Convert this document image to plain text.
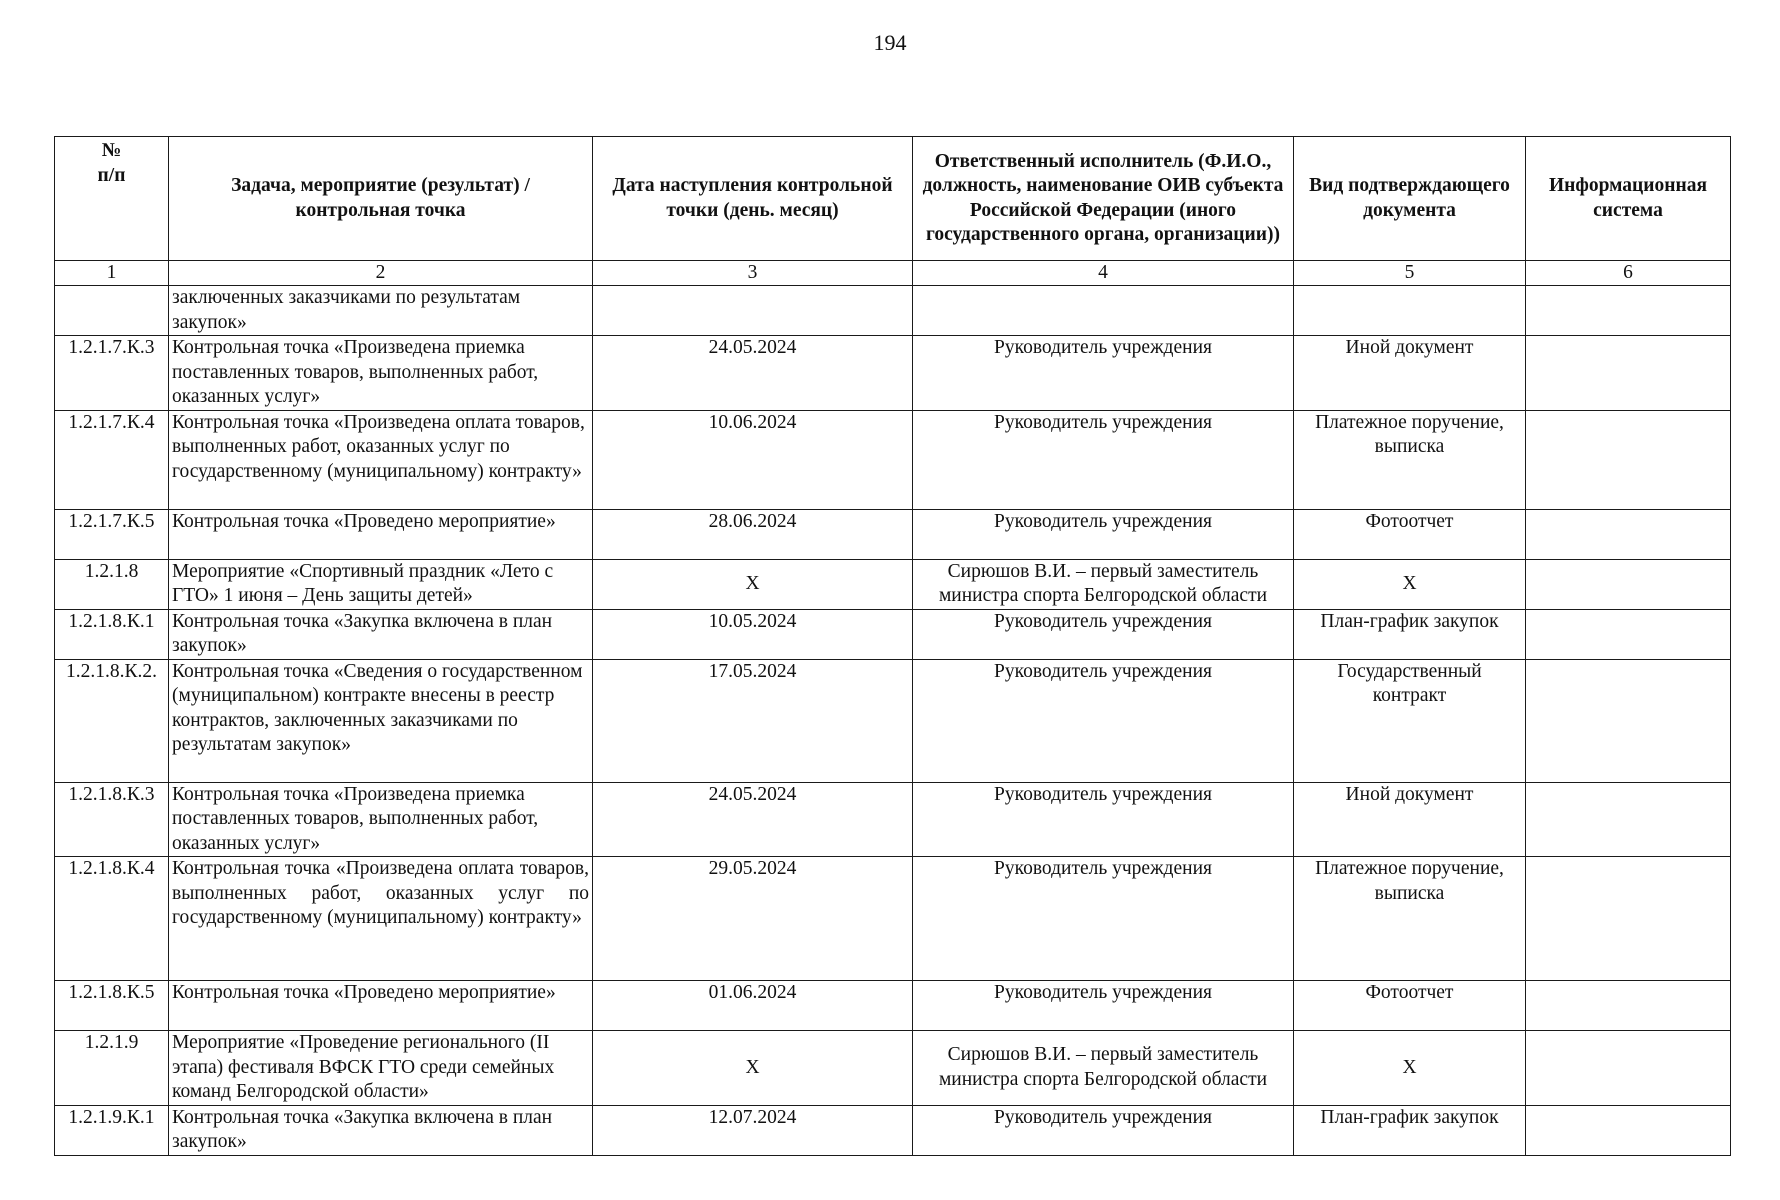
194
№
п/п	Задача, мероприятие (результат) / контрольная точка	Дата наступления контрольной точки (день. месяц)	Ответственный исполнитель (Ф.И.О., должность, наименование ОИВ субъекта Российской Федерации (иного государственного органа, организации))	Вид подтверждающего документа	Информационная система
1	2	3	4	5	6
	заключенных заказчиками по результатам закупок»				
1.2.1.7.К.3	Контрольная точка «Произведена приемка поставленных товаров, выполненных работ, оказанных услуг»	24.05.2024	Руководитель учреждения	Иной документ	
1.2.1.7.К.4	Контрольная точка «Произведена оплата товаров, выполненных работ, оказанных услуг по государственному (муниципальному) контракту»	10.06.2024	Руководитель учреждения	Платежное поручение, выписка	
1.2.1.7.К.5	Контрольная точка «Проведено мероприятие»	28.06.2024	Руководитель учреждения	Фотоотчет	
1.2.1.8	Мероприятие «Спортивный праздник «Лето с ГТО» 1 июня – День защиты детей»	Х	Сирюшов В.И. – первый заместитель министра спорта Белгородской области	Х	
1.2.1.8.К.1	Контрольная точка «Закупка включена в план закупок»	10.05.2024	Руководитель учреждения	План-график закупок	
1.2.1.8.К.2.	Контрольная точка «Сведения о государственном (муниципальном) контракте внесены в реестр контрактов, заключенных заказчиками по результатам закупок»	17.05.2024	Руководитель учреждения	Государственный контракт	
1.2.1.8.К.3	Контрольная точка «Произведена приемка поставленных товаров, выполненных работ, оказанных услуг»	24.05.2024	Руководитель учреждения	Иной документ	
1.2.1.8.К.4	Контрольная точка «Произведена оплата товаров, выполненных работ, оказанных услуг по государственному (муниципальному) контракту»	29.05.2024	Руководитель учреждения	Платежное поручение, выписка	
1.2.1.8.К.5	Контрольная точка «Проведено мероприятие»	01.06.2024	Руководитель учреждения	Фотоотчет	
1.2.1.9	Мероприятие «Проведение регионального (II этапа) фестиваля ВФСК ГТО среди семейных команд Белгородской области»	Х	Сирюшов В.И. – первый заместитель министра спорта Белгородской области	Х	
1.2.1.9.К.1	Контрольная точка «Закупка включена в план закупок»	12.07.2024	Руководитель учреждения	План-график закупок	
